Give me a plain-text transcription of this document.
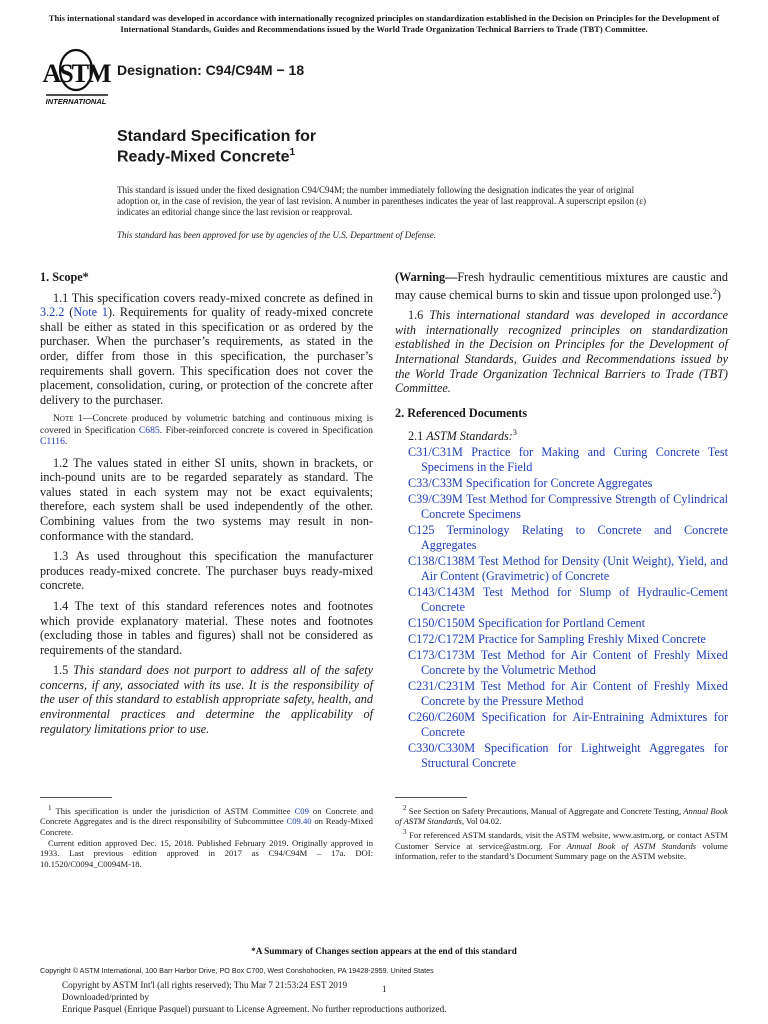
This international standard was developed in accordance with internationally recognized principles on standardization established in the Decision on Principles for the Development of International Standards, Guides and Recommendations issued by the World Trade Organization Technical Barriers to Trade (TBT) Committee.
ASTM
INTERNATIONAL
Designation: C94/C94M − 18
Standard Specification for
Ready-Mixed Concrete$^1$
This standard is issued under the fixed designation C94/C94M; the number immediately following the designation indicates the year of original adoption or, in the case of revision, the year of last revision. A number in parentheses indicates the year of last reapproval. A superscript epsilon (ε) indicates an editorial change since the last revision or reapproval.
This standard has been approved for use by agencies of the U.S. Department of Defense.
1. Scope*

1.1 This specification covers ready-mixed concrete as defined in 3.2.2 (Note 1). Requirements for quality of ready-mixed concrete shall be either as stated in this specification or as ordered by the purchaser. When the purchaser’s requirements, as stated in the order, differ from those in this specification, the purchaser’s requirements shall govern. This specification does not cover the placement, consolidation, curing, or protection of the concrete after delivery to the purchaser.

Note 1—Concrete produced by volumetric batching and continuous mixing is covered in Specification C685. Fiber-reinforced concrete is covered in Specification C1116.

1.2 The values stated in either SI units, shown in brackets, or inch-pound units are to be regarded separately as standard. The values stated in each system may not be exact equivalents; therefore, each system shall be used independently of the other. Combining values from the two systems may result in non-conformance with the standard.

1.3 As used throughout this specification the manufacturer produces ready-mixed concrete. The purchaser buys ready-mixed concrete.

1.4 The text of this standard references notes and footnotes which provide explanatory material. These notes and footnotes (excluding those in tables and figures) shall not be considered as requirements of the standard.

1.5 This standard does not purport to address all of the safety concerns, if any, associated with its use. It is the responsibility of the user of this standard to establish appropriate safety, health, and environmental practices and determine the applicability of regulatory limitations prior to use.

(Warning—Fresh hydraulic cementitious mixtures are caustic and may cause chemical burns to skin and tissue upon prolonged use.$^2$)

1.6 This international standard was developed in accordance with internationally recognized principles on standardization established in the Decision on Principles for the Development of International Standards, Guides and Recommendations issued by the World Trade Organization Technical Barriers to Trade (TBT) Committee.

2. Referenced Documents

2.1 ASTM Standards:$^3$

C31/C31M Practice for Making and Curing Concrete Test Specimens in the Field

C33/C33M Specification for Concrete Aggregates

C39/C39M Test Method for Compressive Strength of Cylindrical Concrete Specimens

C125 Terminology Relating to Concrete and Concrete Aggregates

C138/C138M Test Method for Density (Unit Weight), Yield, and Air Content (Gravimetric) of Concrete

C143/C143M Test Method for Slump of Hydraulic-Cement Concrete

C150/C150M Specification for Portland Cement

C172/C172M Practice for Sampling Freshly Mixed Concrete

C173/C173M Test Method for Air Content of Freshly Mixed Concrete by the Volumetric Method

C231/C231M Test Method for Air Content of Freshly Mixed Concrete by the Pressure Method

C260/C260M Specification for Air-Entraining Admixtures for Concrete

C330/C330M Specification for Lightweight Aggregates for Structural Concrete

$^1$ This specification is under the jurisdiction of ASTM Committee C09 on Concrete and Concrete Aggregates and is the direct responsibility of Subcommittee C09.40 on Ready-Mixed Concrete.

Current edition approved Dec. 15, 2018. Published February 2019. Originally approved in 1933. Last previous edition approved in 2017 as C94/C94M – 17a. DOI: 10.1520/C0094_C0094M-18.

$^2$ See Section on Safety Precautions, Manual of Aggregate and Concrete Testing, Annual Book of ASTM Standards, Vol 04.02.

$^3$ For referenced ASTM standards, visit the ASTM website, www.astm.org, or contact ASTM Customer Service at service@astm.org. For Annual Book of ASTM Standards volume information, refer to the standard’s Document Summary page on the ASTM website.

*A Summary of Changes section appears at the end of this standard
Copyright © ASTM International, 100 Barr Harbor Drive, PO Box C700, West Conshohocken, PA 19428-2959. United States
Copyright by ASTM Int'l (all rights reserved); Thu Mar 7 21:53:24 EST 2019
Downloaded/printed by
Enrique Pasquel (Enrique Pasquel) pursuant to License Agreement. No further reproductions authorized.
1
